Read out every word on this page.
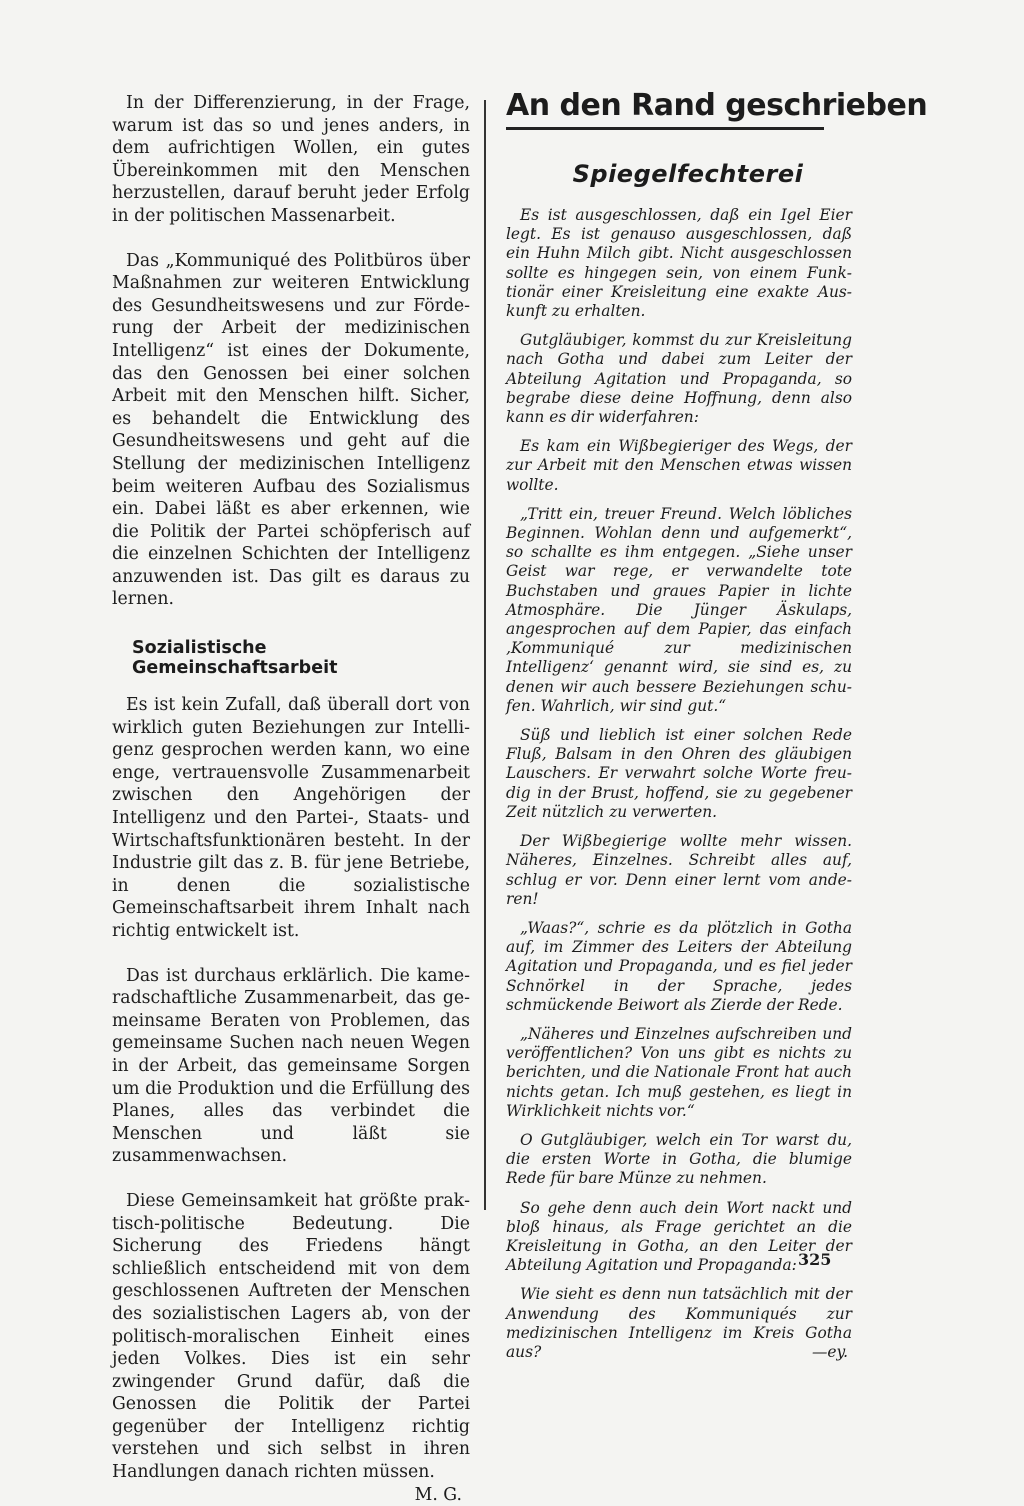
In der Differenzierung, in der Frage, warum ist das so und jenes anders, in dem aufrichtigen Wollen, ein gutes Übereinkommen mit den Menschen herzustellen, darauf beruht jeder Erfolg in der politischen Massenarbeit.

Das „Kommuniqué des Politbüros über Maßnahmen zur weiteren Entwicklung des Gesundheitswesens und zur Förderung der Arbeit der medizinischen Intelligenz“ ist eines der Dokumente, das den Genossen bei einer solchen Arbeit mit den Menschen hilft. Sicher, es behandelt die Entwicklung des Gesundheitswesens und geht auf die Stellung der medizinischen Intelligenz beim weiteren Aufbau des Sozialismus ein. Dabei läßt es aber erkennen, wie die Politik der Partei schöpferisch auf die einzelnen Schichten der Intelligenz anzuwenden ist. Das gilt es daraus zu lernen.

Sozialistische Gemeinschaftsarbeit

Es ist kein Zufall, daß überall dort von wirklich guten Beziehungen zur Intelligenz gesprochen werden kann, wo eine enge, vertrauensvolle Zusammenarbeit zwischen den Angehörigen der Intelligenz und den Partei-, Staats- und Wirtschaftsfunktionären besteht. In der Industrie gilt das z. B. für jene Betriebe, in denen die sozialistische Gemeinschaftsarbeit ihrem Inhalt nach richtig entwickelt ist.

Das ist durchaus erklärlich. Die kameradschaftliche Zusammenarbeit, das gemeinsame Beraten von Problemen, das gemeinsame Suchen nach neuen Wegen in der Arbeit, das gemeinsame Sorgen um die Produktion und die Erfüllung des Planes, alles das verbindet die Menschen und läßt sie zusammenwachsen.

Diese Gemeinsamkeit hat größte praktisch-politische Bedeutung. Die Sicherung des Friedens hängt schließlich entscheidend mit von dem geschlossenen Auftreten der Menschen des sozialistischen Lagers ab, von der politisch-moralischen Einheit eines jeden Volkes. Dies ist ein sehr zwingender Grund dafür, daß die Genossen die Politik der Partei gegenüber der Intelligenz richtig verstehen und sich selbst in ihren Handlungen danach richten müssen.
M. G.

An den Rand geschrieben
Spiegelfechterei

Es ist ausgeschlossen, daß ein Igel Eier legt. Es ist genauso ausgeschlossen, daß ein Huhn Milch gibt. Nicht ausgeschlossen sollte es hingegen sein, von einem Funktionär einer Kreisleitung eine exakte Auskunft zu erhalten.

Gutgläubiger, kommst du zur Kreisleitung nach Gotha und dabei zum Leiter der Abteilung Agitation und Propaganda, so begrabe diese deine Hoffnung, denn also kann es dir widerfahren:

Es kam ein Wißbegieriger des Wegs, der zur Arbeit mit den Menschen etwas wissen wollte.

„Tritt ein, treuer Freund. Welch löbliches Beginnen. Wohlan denn und aufgemerkt“, so schallte es ihm entgegen. „Siehe unser Geist war rege, er verwandelte tote Buchstaben und graues Papier in lichte Atmosphäre. Die Jünger Äskulaps, angesprochen auf dem Papier, das einfach ‚Kommuniqué zur medizinischen Intelligenz‘ genannt wird, sie sind es, zu denen wir auch bessere Beziehungen schufen. Wahrlich, wir sind gut.“

Süß und lieblich ist einer solchen Rede Fluß, Balsam in den Ohren des gläubigen Lauschers. Er verwahrt solche Worte freudig in der Brust, hoffend, sie zu gegebener Zeit nützlich zu verwerten.

Der Wißbegierige wollte mehr wissen. Näheres, Einzelnes. Schreibt alles auf, schlug er vor. Denn einer lernt vom anderen!

„Waas?“, schrie es da plötzlich in Gotha auf, im Zimmer des Leiters der Abteilung Agitation und Propaganda, und es fiel jeder Schnörkel in der Sprache, jedes schmückende Beiwort als Zierde der Rede.

„Näheres und Einzelnes aufschreiben und veröffentlichen? Von uns gibt es nichts zu berichten, und die Nationale Front hat auch nichts getan. Ich muß gestehen, es liegt in Wirklichkeit nichts vor.“

O Gutgläubiger, welch ein Tor warst du, die ersten Worte in Gotha, die blumige Rede für bare Münze zu nehmen.

So gehe denn auch dein Wort nackt und bloß hinaus, als Frage gerichtet an die Kreisleitung in Gotha, an den Leiter der Abteilung Agitation und Propaganda:

Wie sieht es denn nun tatsächlich mit der Anwendung des Kommuniqués zur medizinischen Intelligenz im Kreis Gotha aus?	—ey.

325
